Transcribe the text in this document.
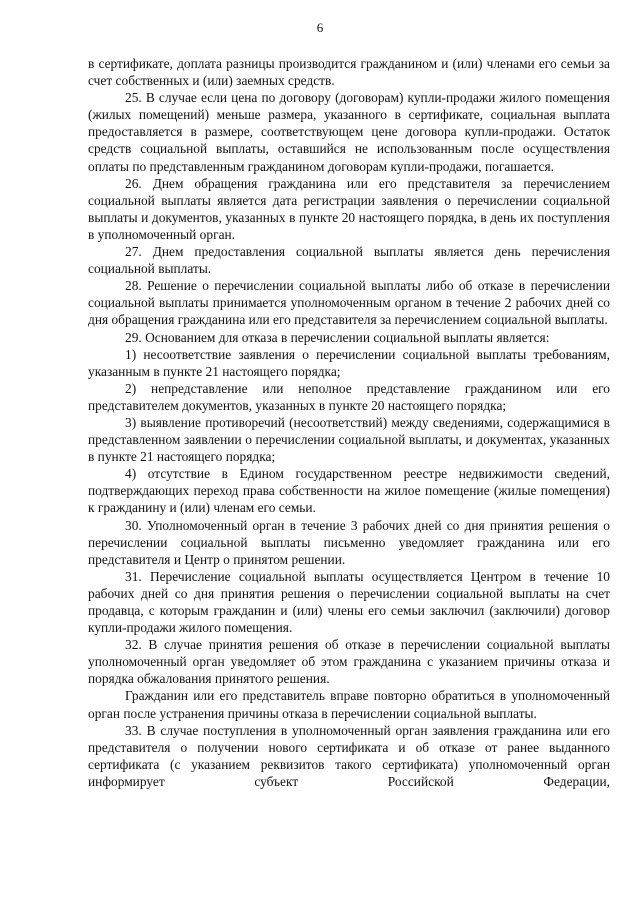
6

в сертификате, доплата разницы производится гражданином и (или) членами его семьи за счет собственных и (или) заемных средств.

25. В случае если цена по договору (договорам) купли-продажи жилого помещения (жилых помещений) меньше размера, указанного в сертификате, социальная выплата предоставляется в размере, соответствующем цене договора купли-продажи. Остаток средств социальной выплаты, оставшийся не использованным после осуществления оплаты по представленным гражданином договорам купли-продажи, погашается.

26. Днем обращения гражданина или его представителя за перечислением социальной выплаты является дата регистрации заявления о перечислении социальной выплаты и документов, указанных в пункте 20 настоящего порядка, в день их поступления в уполномоченный орган.

27. Днем предоставления социальной выплаты является день перечисления социальной выплаты.

28. Решение о перечислении социальной выплаты либо об отказе в перечислении социальной выплаты принимается уполномоченным органом в течение 2 рабочих дней со дня обращения гражданина или его представителя за перечислением социальной выплаты.

29. Основанием для отказа в перечислении социальной выплаты является:

1) несоответствие заявления о перечислении социальной выплаты требованиям, указанным в пункте 21 настоящего порядка;

2) непредставление или неполное представление гражданином или его представителем документов, указанных в пункте 20 настоящего порядка;

3) выявление противоречий (несоответствий) между сведениями, содержащимися в представленном заявлении о перечислении социальной выплаты, и документах, указанных в пункте 21 настоящего порядка;

4) отсутствие в Едином государственном реестре недвижимости сведений, подтверждающих переход права собственности на жилое помещение (жилые помещения) к гражданину и (или) членам его семьи.

30. Уполномоченный орган в течение 3 рабочих дней со дня принятия решения о перечислении социальной выплаты письменно уведомляет гражданина или его представителя и Центр о принятом решении.

31. Перечисление социальной выплаты осуществляется Центром в течение 10 рабочих дней со дня принятия решения о перечислении социальной выплаты на счет продавца, с которым гражданин и (или) члены его семьи заключил (заключили) договор купли-продажи жилого помещения.

32. В случае принятия решения об отказе в перечислении социальной выплаты уполномоченный орган уведомляет об этом гражданина с указанием причины отказа и порядка обжалования принятого решения.

Гражданин или его представитель вправе повторно обратиться в уполномоченный орган после устранения причины отказа в перечислении социальной выплаты.

33. В случае поступления в уполномоченный орган заявления гражданина или его представителя о получении нового сертификата и об отказе от ранее выданного сертификата (с указанием реквизитов такого сертификата) уполномоченный орган информирует субъект Российской Федерации,
